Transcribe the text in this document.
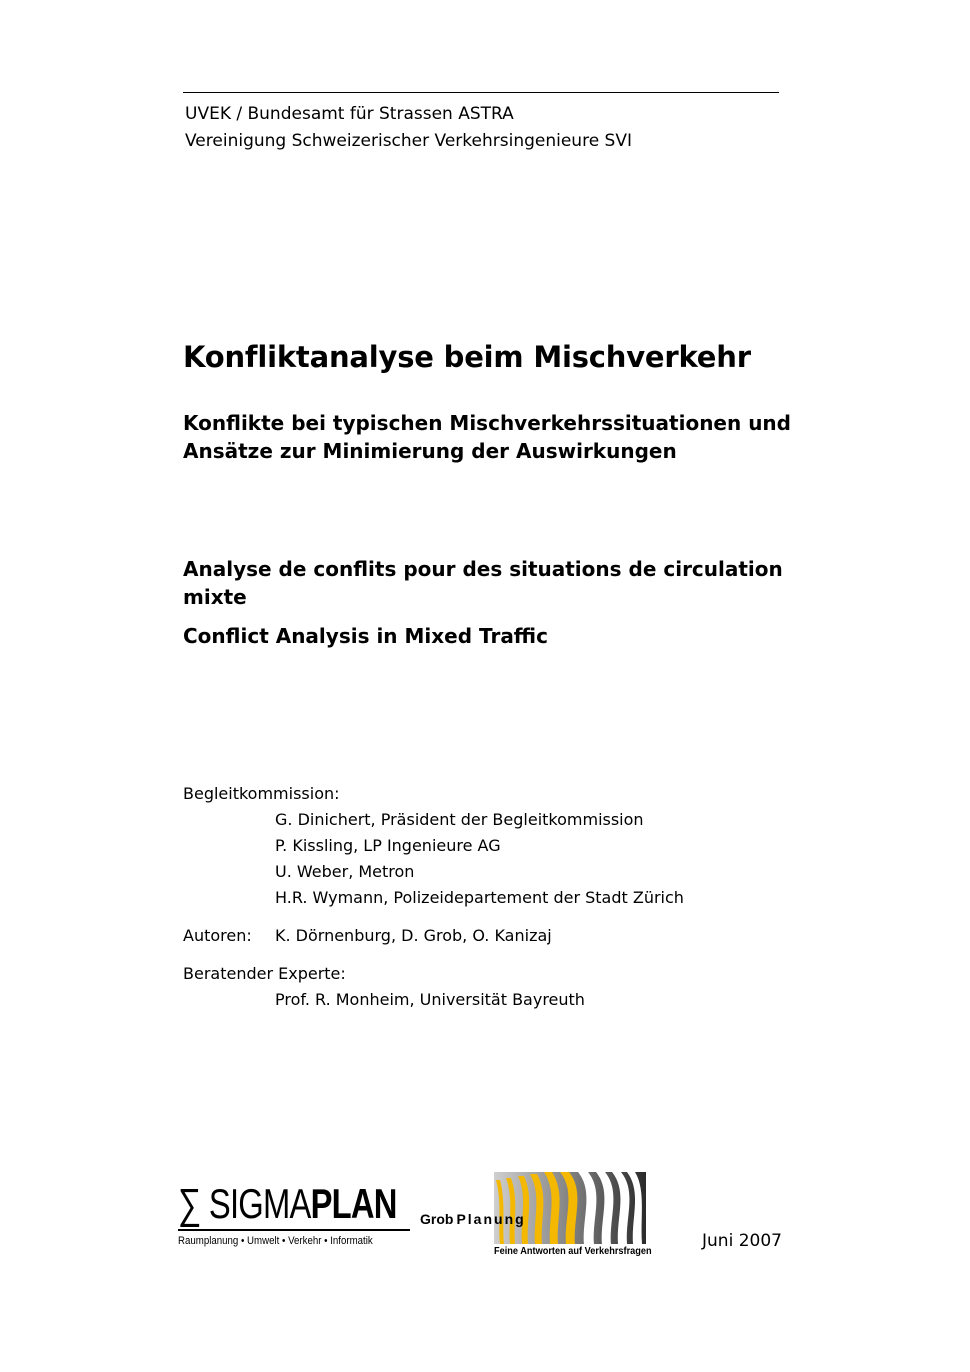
UVEK / Bundesamt für Strassen ASTRA
Vereinigung Schweizerischer Verkehrsingenieure SVI
Konfliktanalyse beim Mischverkehr
Konflikte bei typischen Mischverkehrssituationen und Ansätze zur Minimierung der Auswirkungen
Analyse de conflits pour des situations de circulation mixte
Conflict Analysis in Mixed Traffic
Begleitkommission:
G. Dinichert, Präsident der Begleitkommission
P. Kissling, LP Ingenieure AG
U. Weber, Metron
H.R. Wymann, Polizeidepartement der Stadt Zürich
Autoren:	K. Dörnenburg, D. Grob, O. Kanizaj
Beratender Experte:
Prof. R. Monheim, Universität Bayreuth
∑ SIGMAPLAN
Raumplanung • Umwelt • Verkehr • Informatik
Grob Planung
Feine Antworten auf Verkehrsfragen
Juni 2007
